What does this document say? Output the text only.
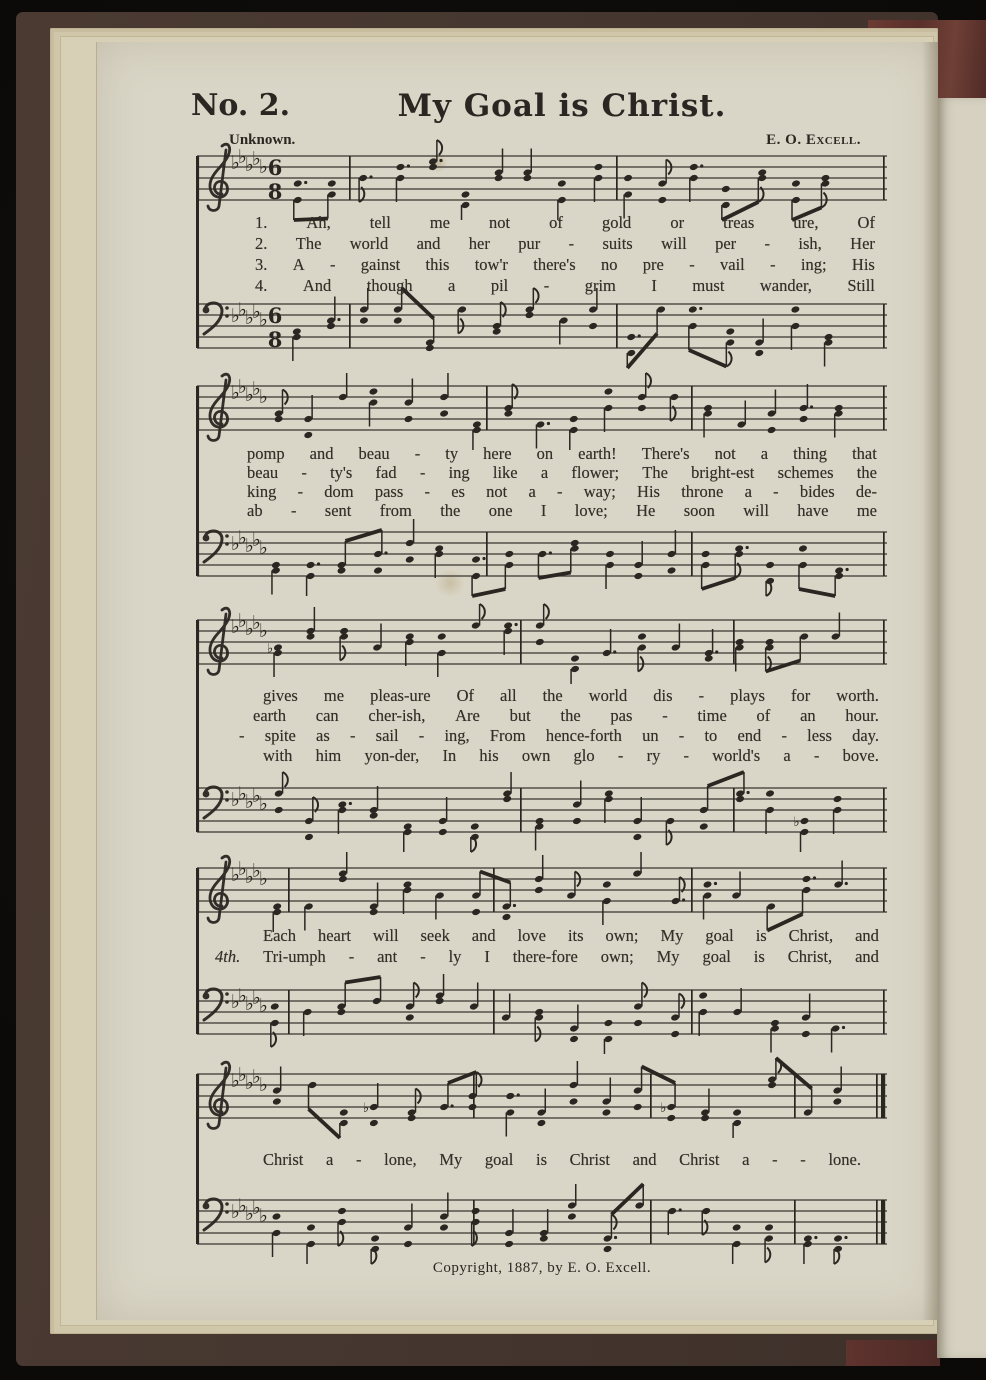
No. 2.	My Goal is Christ.
Unknown.	E. O. Excell.
♭
♭
♭
♭
♭ 6
8
♭
♭
♭
♭
♭ 6
8
1. Ah, tell me not of gold or treas ure, Of
2. The world and her pur - suits will per - ish, Her
3. A - gainst this tow'r there's no pre - vail - ing; His
4. And though a pil - grim I must wander, Still
♭
♭
♭
♭
♭
♭
♭
♭
♭
♭
pomp and beau - ty here on earth! There's not a thing that
beau - ty's fad - ing like a flower; The bright-est schemes the
king - dom pass - es not a - way; His throne a - bides de-
ab - sent from the one I love; He soon will have me
♭
♭
♭
♭
♭
♭
♭
♭
♭
♭
♭
♭
gives me pleas-ure Of all the world dis - plays for worth.
earth can cher-ish, Are but the pas - time of an hour.
- spite as - sail - ing, From hence-forth un - to end - less day.
with him yon-der, In his own glo - ry - world's a - bove.
♭
♭
♭
♭
♭
♭
♭
♭
♭
♭
Each heart will seek and love its own; My goal is Christ, and
4th. Tri-umph - ant - ly I there-fore own; My goal is Christ, and
♭
♭
♭
♭
♭
♭	♭
♭
♭
♭
♭
♭
Christ a - lone, My goal is Christ and Christ a - - lone.
Copyright, 1887, by E. O. Excell.
